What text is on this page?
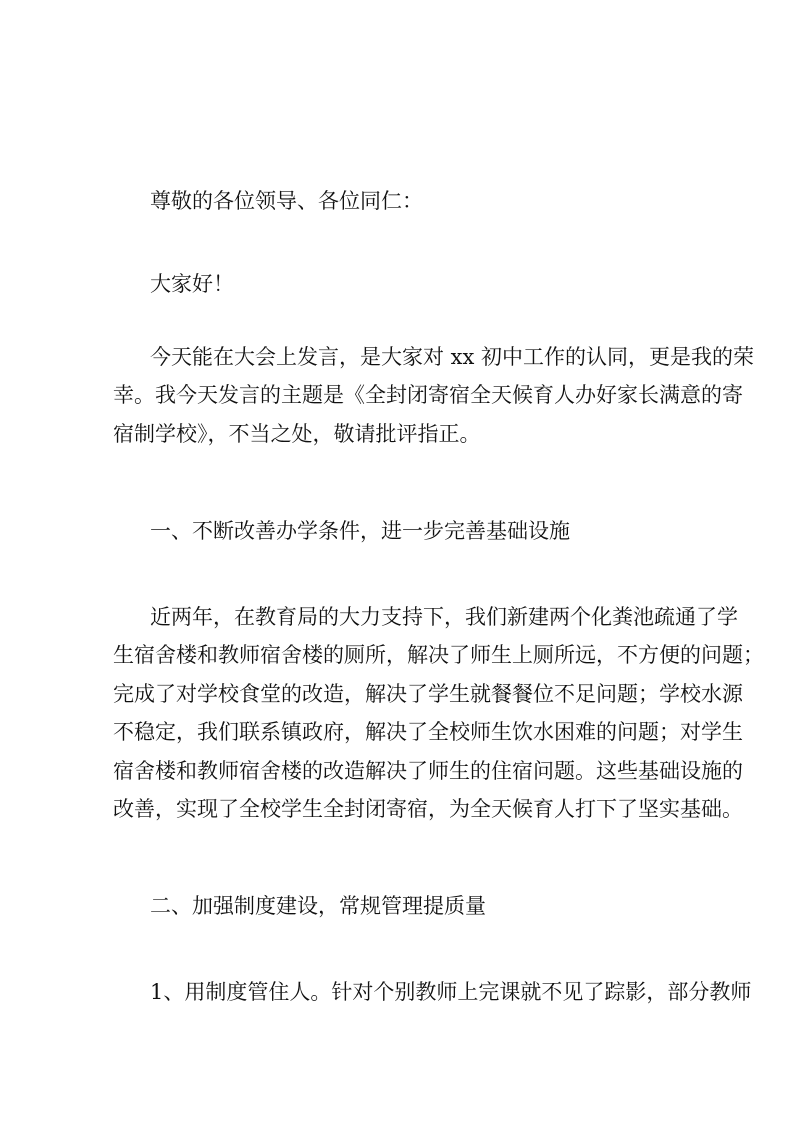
尊敬的各位领导、各位同仁：
大家好！
今天能在大会上发言，是大家对 xx 初中工作的认同，更是我的荣
幸。我今天发言的主题是《全封闭寄宿全天候育人办好家长满意的寄
宿制学校》，不当之处，敬请批评指正。
一、不断改善办学条件，进一步完善基础设施
近两年，在教育局的大力支持下，我们新建两个化粪池疏通了学
生宿舍楼和教师宿舍楼的厕所，解决了师生上厕所远，不方便的问题；
完成了对学校食堂的改造，解决了学生就餐餐位不足问题；学校水源
不稳定，我们联系镇政府，解决了全校师生饮水困难的问题；对学生
宿舍楼和教师宿舍楼的改造解决了师生的住宿问题。这些基础设施的
改善，实现了全校学生全封闭寄宿，为全天候育人打下了坚实基础。
二、加强制度建设，常规管理提质量
1、用制度管住人。针对个别教师上完课就不见了踪影，部分教师
